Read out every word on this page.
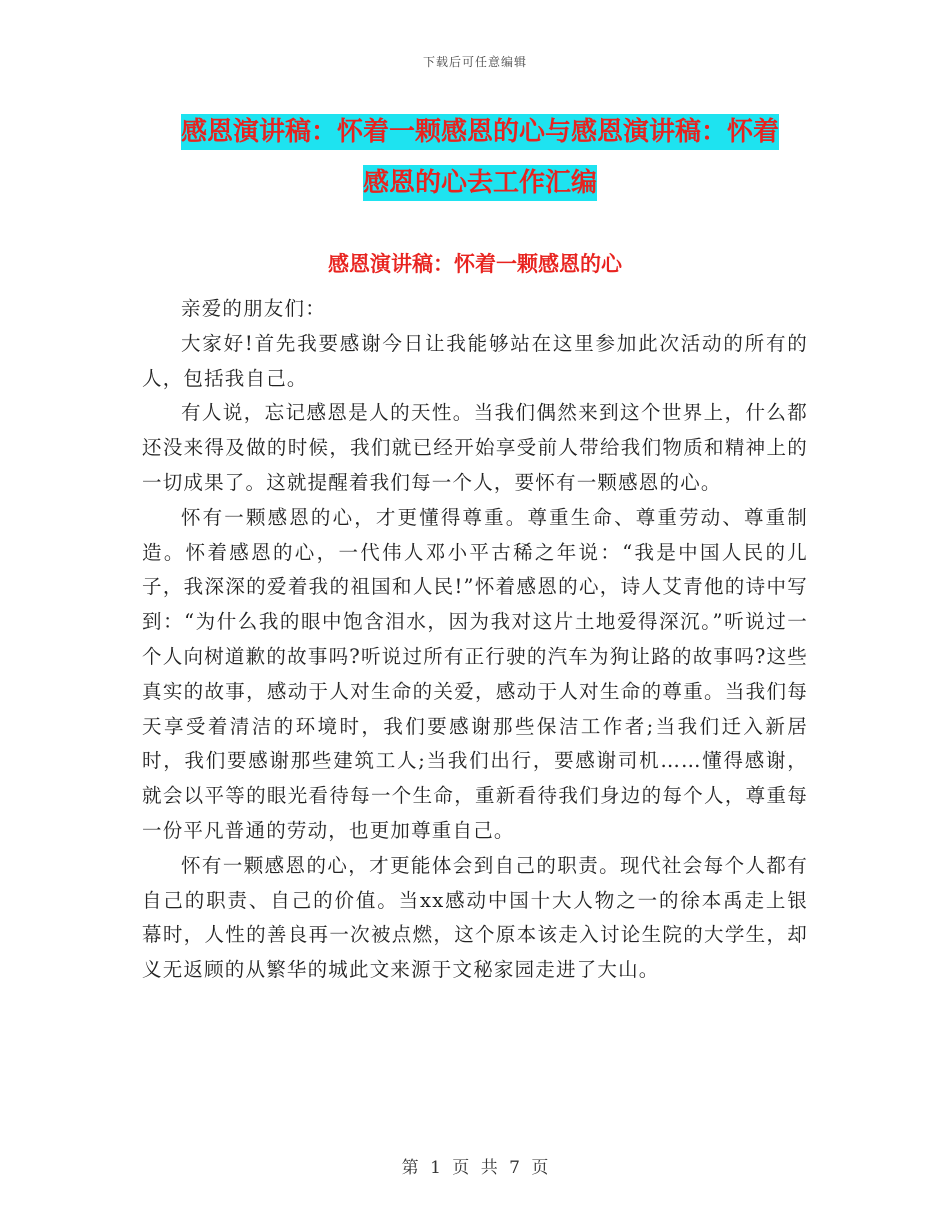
下载后可任意编辑
感恩演讲稿：怀着一颗感恩的心与感恩演讲稿：怀着
感恩的心去工作汇编
感恩演讲稿：怀着一颗感恩的心

亲爱的朋友们：

大家好!首先我要感谢今日让我能够站在这里参加此次活动的所有的人，包括我自己。

有人说，忘记感恩是人的天性。当我们偶然来到这个世界上，什么都还没来得及做的时候，我们就已经开始享受前人带给我们物质和精神上的一切成果了。这就提醒着我们每一个人，要怀有一颗感恩的心。

怀有一颗感恩的心，才更懂得尊重。尊重生命、尊重劳动、尊重制造。怀着感恩的心，一代伟人邓小平古稀之年说：“我是中国人民的儿子，我深深的爱着我的祖国和人民!”怀着感恩的心，诗人艾青他的诗中写到：“为什么我的眼中饱含泪水，因为我对这片土地爱得深沉。”听说过一个人向树道歉的故事吗?听说过所有正行驶的汽车为狗让路的故事吗?这些真实的故事，感动于人对生命的关爱，感动于人对生命的尊重。当我们每天享受着清洁的环境时，我们要感谢那些保洁工作者;当我们迁入新居时，我们要感谢那些建筑工人;当我们出行，要感谢司机……懂得感谢，就会以平等的眼光看待每一个生命，重新看待我们身边的每个人，尊重每一份平凡普通的劳动，也更加尊重自己。

怀有一颗感恩的心，才更能体会到自己的职责。现代社会每个人都有自己的职责、自己的价值。当xx感动中国十大人物之一的徐本禹走上银幕时，人性的善良再一次被点燃，这个原本该走入讨论生院的大学生，却义无返顾的从繁华的城此文来源于文秘家园走进了大山。

第 1 页 共 7 页
